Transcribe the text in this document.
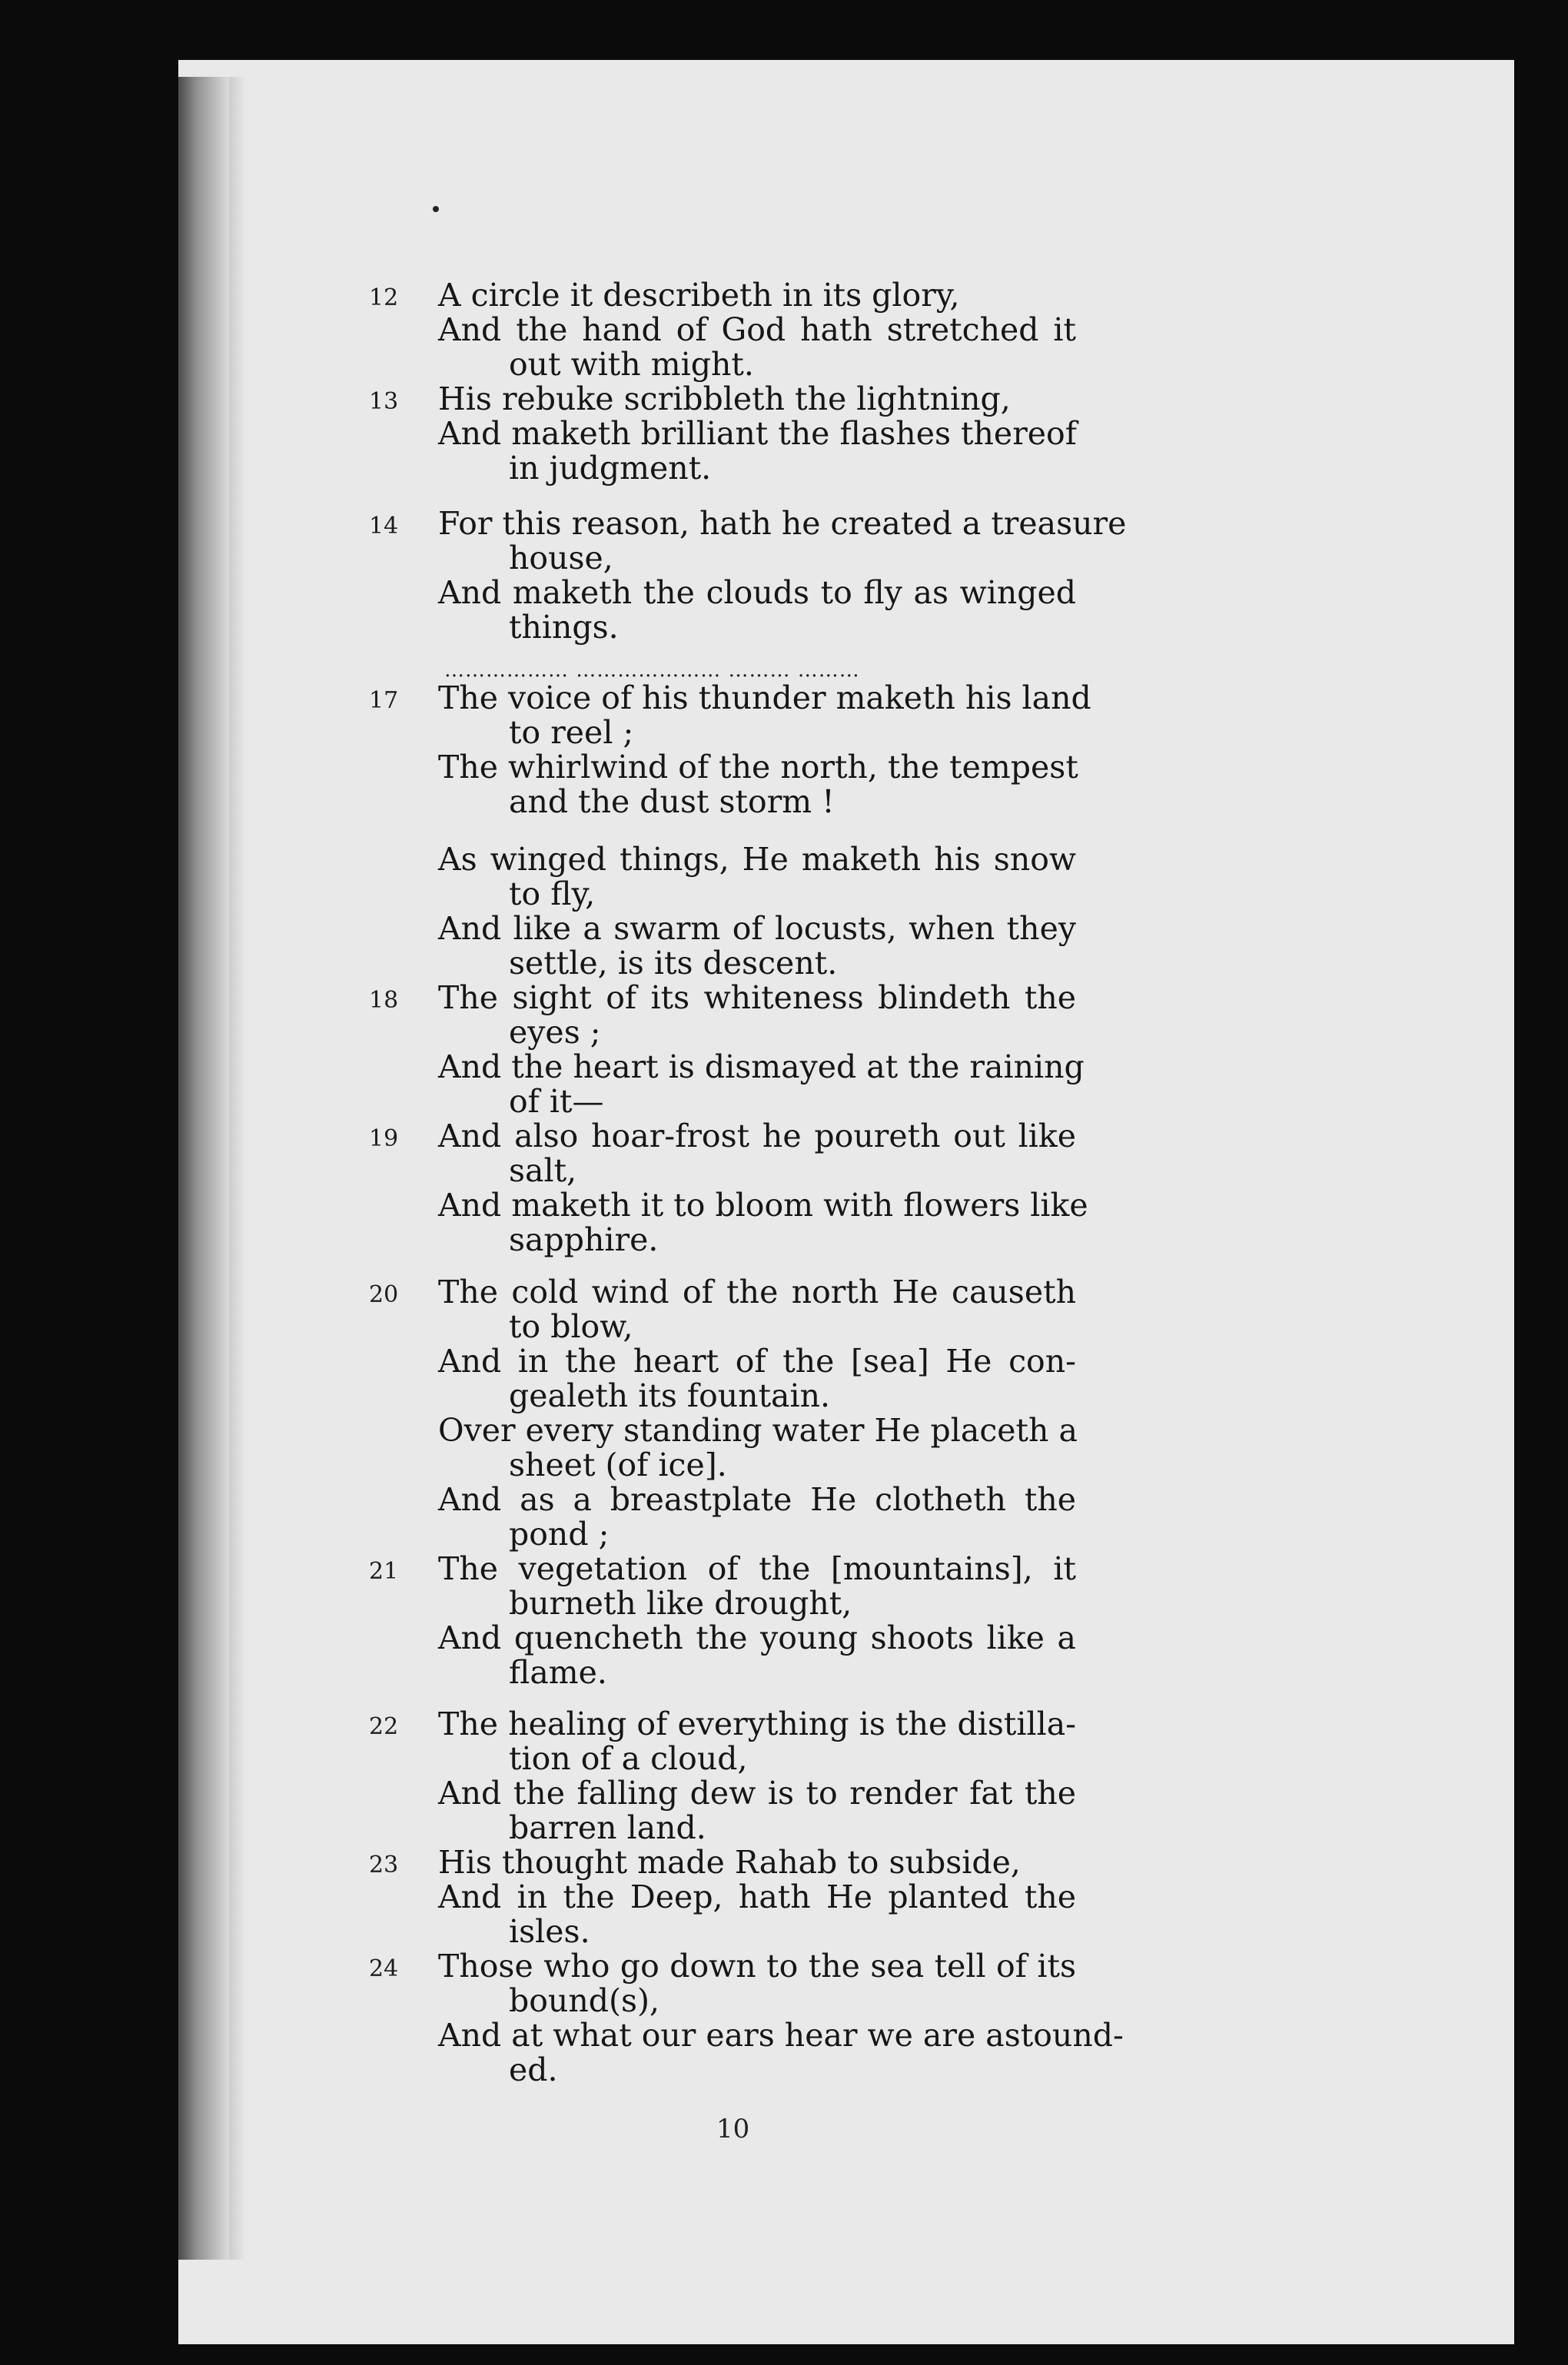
12 A circle it describeth in its glory,
And the hand of God hath stretched it
out with might.
13 His rebuke scribbleth the lightning,
And maketh brilliant the flashes thereof
in judgment.
14 For this reason, hath he created a treasure
house,
And maketh the clouds to fly as winged
things.
……………… ………………… ……… ………
17 The voice of his thunder maketh his land
to reel ;
The whirlwind of the north, the tempest
and the dust storm !
As winged things, He maketh his snow
to fly,
And like a swarm of locusts, when they
settle, is its descent.
18 The sight of its whiteness blindeth the
eyes ;
And the heart is dismayed at the raining
of it—
19 And also hoar-frost he poureth out like
salt,
And maketh it to bloom with flowers like
sapphire.
20 The cold wind of the north He causeth
to blow,
And in the heart of the [sea] He con-
gealeth its fountain.
Over every standing water He placeth a
sheet (of ice].
And as a breastplate He clotheth the
pond ;
21 The vegetation of the [mountains], it
burneth like drought,
And quencheth the young shoots like a
flame.
22 The healing of everything is the distilla-
tion of a cloud,
And the falling dew is to render fat the
barren land.
23 His thought made Rahab to subside,
And in the Deep, hath He planted the
isles.
24 Those who go down to the sea tell of its
bound(s),
And at what our ears hear we are astound-
ed.
10
